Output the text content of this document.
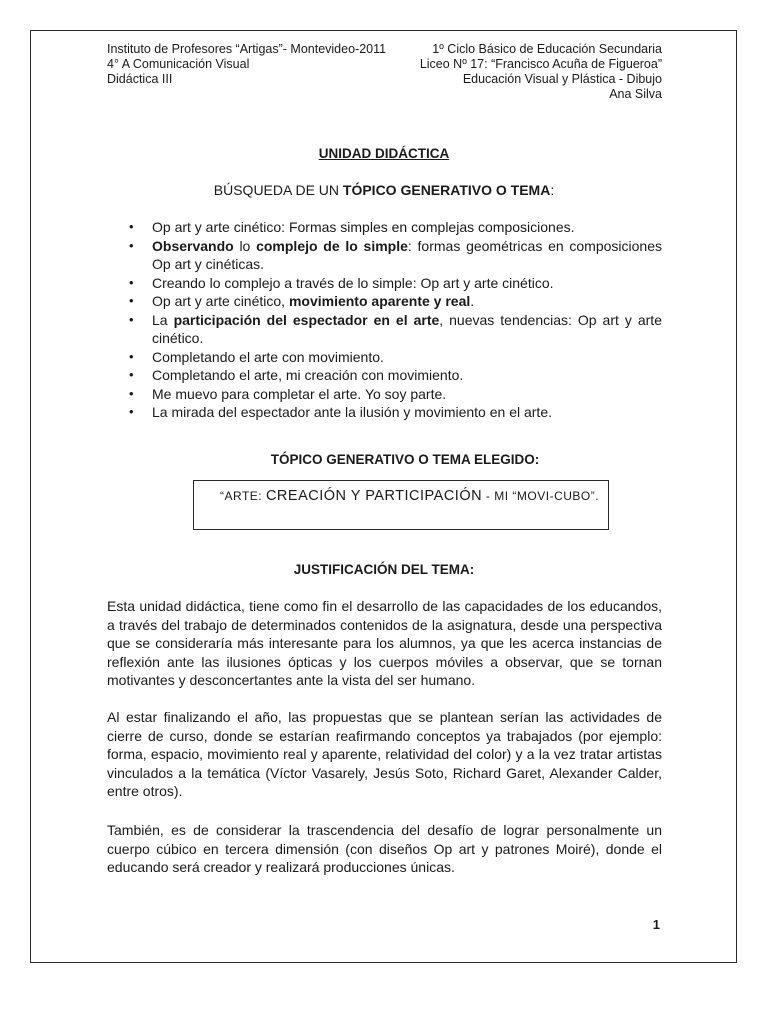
Instituto de Profesores “Artigas”- Montevideo-2011
4° A Comunicación Visual
Didáctica III
1º Ciclo Básico de Educación Secundaria
Liceo Nº 17: “Francisco Acuña de Figueroa”
Educación Visual y Plástica - Dibujo
Ana Silva
UNIDAD DIDÁCTICA
BÚSQUEDA DE UN TÓPICO GENERATIVO O TEMA:
• Op art y arte cinético: Formas simples en complejas composiciones.
• Observando lo complejo de lo simple: formas geométricas en composiciones Op art y cinéticas.
• Creando lo complejo a través de lo simple: Op art y arte cinético.
• Op art y arte cinético, movimiento aparente y real.
• La participación del espectador en el arte, nuevas tendencias: Op art y arte cinético.
• Completando el arte con movimiento.
• Completando el arte, mi creación con movimiento.
• Me muevo para completar el arte. Yo soy parte.
• La mirada del espectador ante la ilusión y movimiento en el arte.
TÓPICO GENERATIVO O TEMA ELEGIDO:
“ARTE: CREACIÓN Y PARTICIPACIÓN - MI “MOVI-CUBO”.
JUSTIFICACIÓN DEL TEMA:

Esta unidad didáctica, tiene como fin el desarrollo de las capacidades de los educandos, a través del trabajo de determinados contenidos de la asignatura, desde una perspectiva que se consideraría más interesante para los alumnos, ya que les acerca instancias de reflexión ante las ilusiones ópticas y los cuerpos móviles a observar, que se tornan motivantes y desconcertantes ante la vista del ser humano.

Al estar finalizando el año, las propuestas que se plantean serían las actividades de cierre de curso, donde se estarían reafirmando conceptos ya trabajados (por ejemplo: forma, espacio, movimiento real y aparente, relatividad del color) y a la vez tratar artistas vinculados a la temática (Víctor Vasarely, Jesús Soto, Richard Garet, Alexander Calder, entre otros).

También, es de considerar la trascendencia del desafío de lograr personalmente un cuerpo cúbico en tercera dimensión (con diseños Op art y patrones Moiré), donde el educando será creador y realizará producciones únicas.

1
